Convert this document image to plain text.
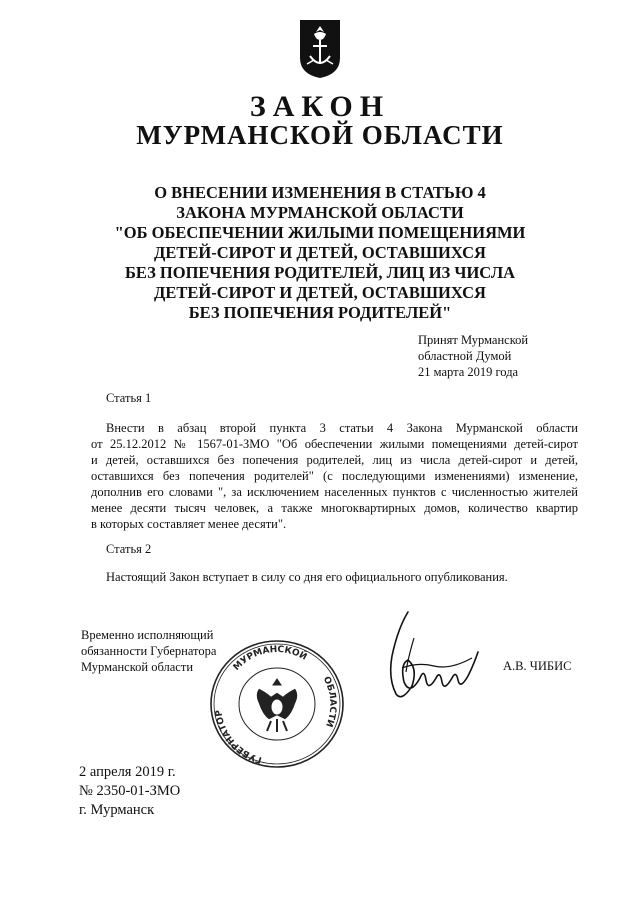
ЗАКОН
МУРМАНСКОЙ ОБЛАСТИ
О ВНЕСЕНИИ ИЗМЕНЕНИЯ В СТАТЬЮ 4
ЗАКОНА МУРМАНСКОЙ ОБЛАСТИ
"ОБ ОБЕСПЕЧЕНИИ ЖИЛЫМИ ПОМЕЩЕНИЯМИ
ДЕТЕЙ-СИРОТ И ДЕТЕЙ, ОСТАВШИХСЯ
БЕЗ ПОПЕЧЕНИЯ РОДИТЕЛЕЙ, ЛИЦ ИЗ ЧИСЛА
ДЕТЕЙ-СИРОТ И ДЕТЕЙ, ОСТАВШИХСЯ
БЕЗ ПОПЕЧЕНИЯ РОДИТЕЛЕЙ"
Принят Мурманской
областной Думой
21 марта 2019 года
Статья 1
Внести в абзац второй пункта 3 статьи 4 Закона Мурманской области
от 25.12.2012 № 1567-01-ЗМО "Об обеспечении жилыми помещениями детей-сирот
и детей, оставшихся без попечения родителей, лиц из числа детей-сирот и детей,
оставшихся без попечения родителей" (с последующими изменениями) изменение,
дополнив его словами ", за исключением населенных пунктов с численностью жителей
менее десяти тысяч человек, а также многоквартирных домов, количество квартир
в которых составляет менее десяти".
Статья 2
Настоящий Закон вступает в силу со дня его официального опубликования.
Временно исполняющий
обязанности Губернатора
Мурманской области	МУРМАНСКОЙ
ГУБЕРНАТОР
ОБЛАСТИ
А.В. ЧИБИС
2 апреля 2019 г.
№ 2350-01-ЗМО
г. Мурманск
